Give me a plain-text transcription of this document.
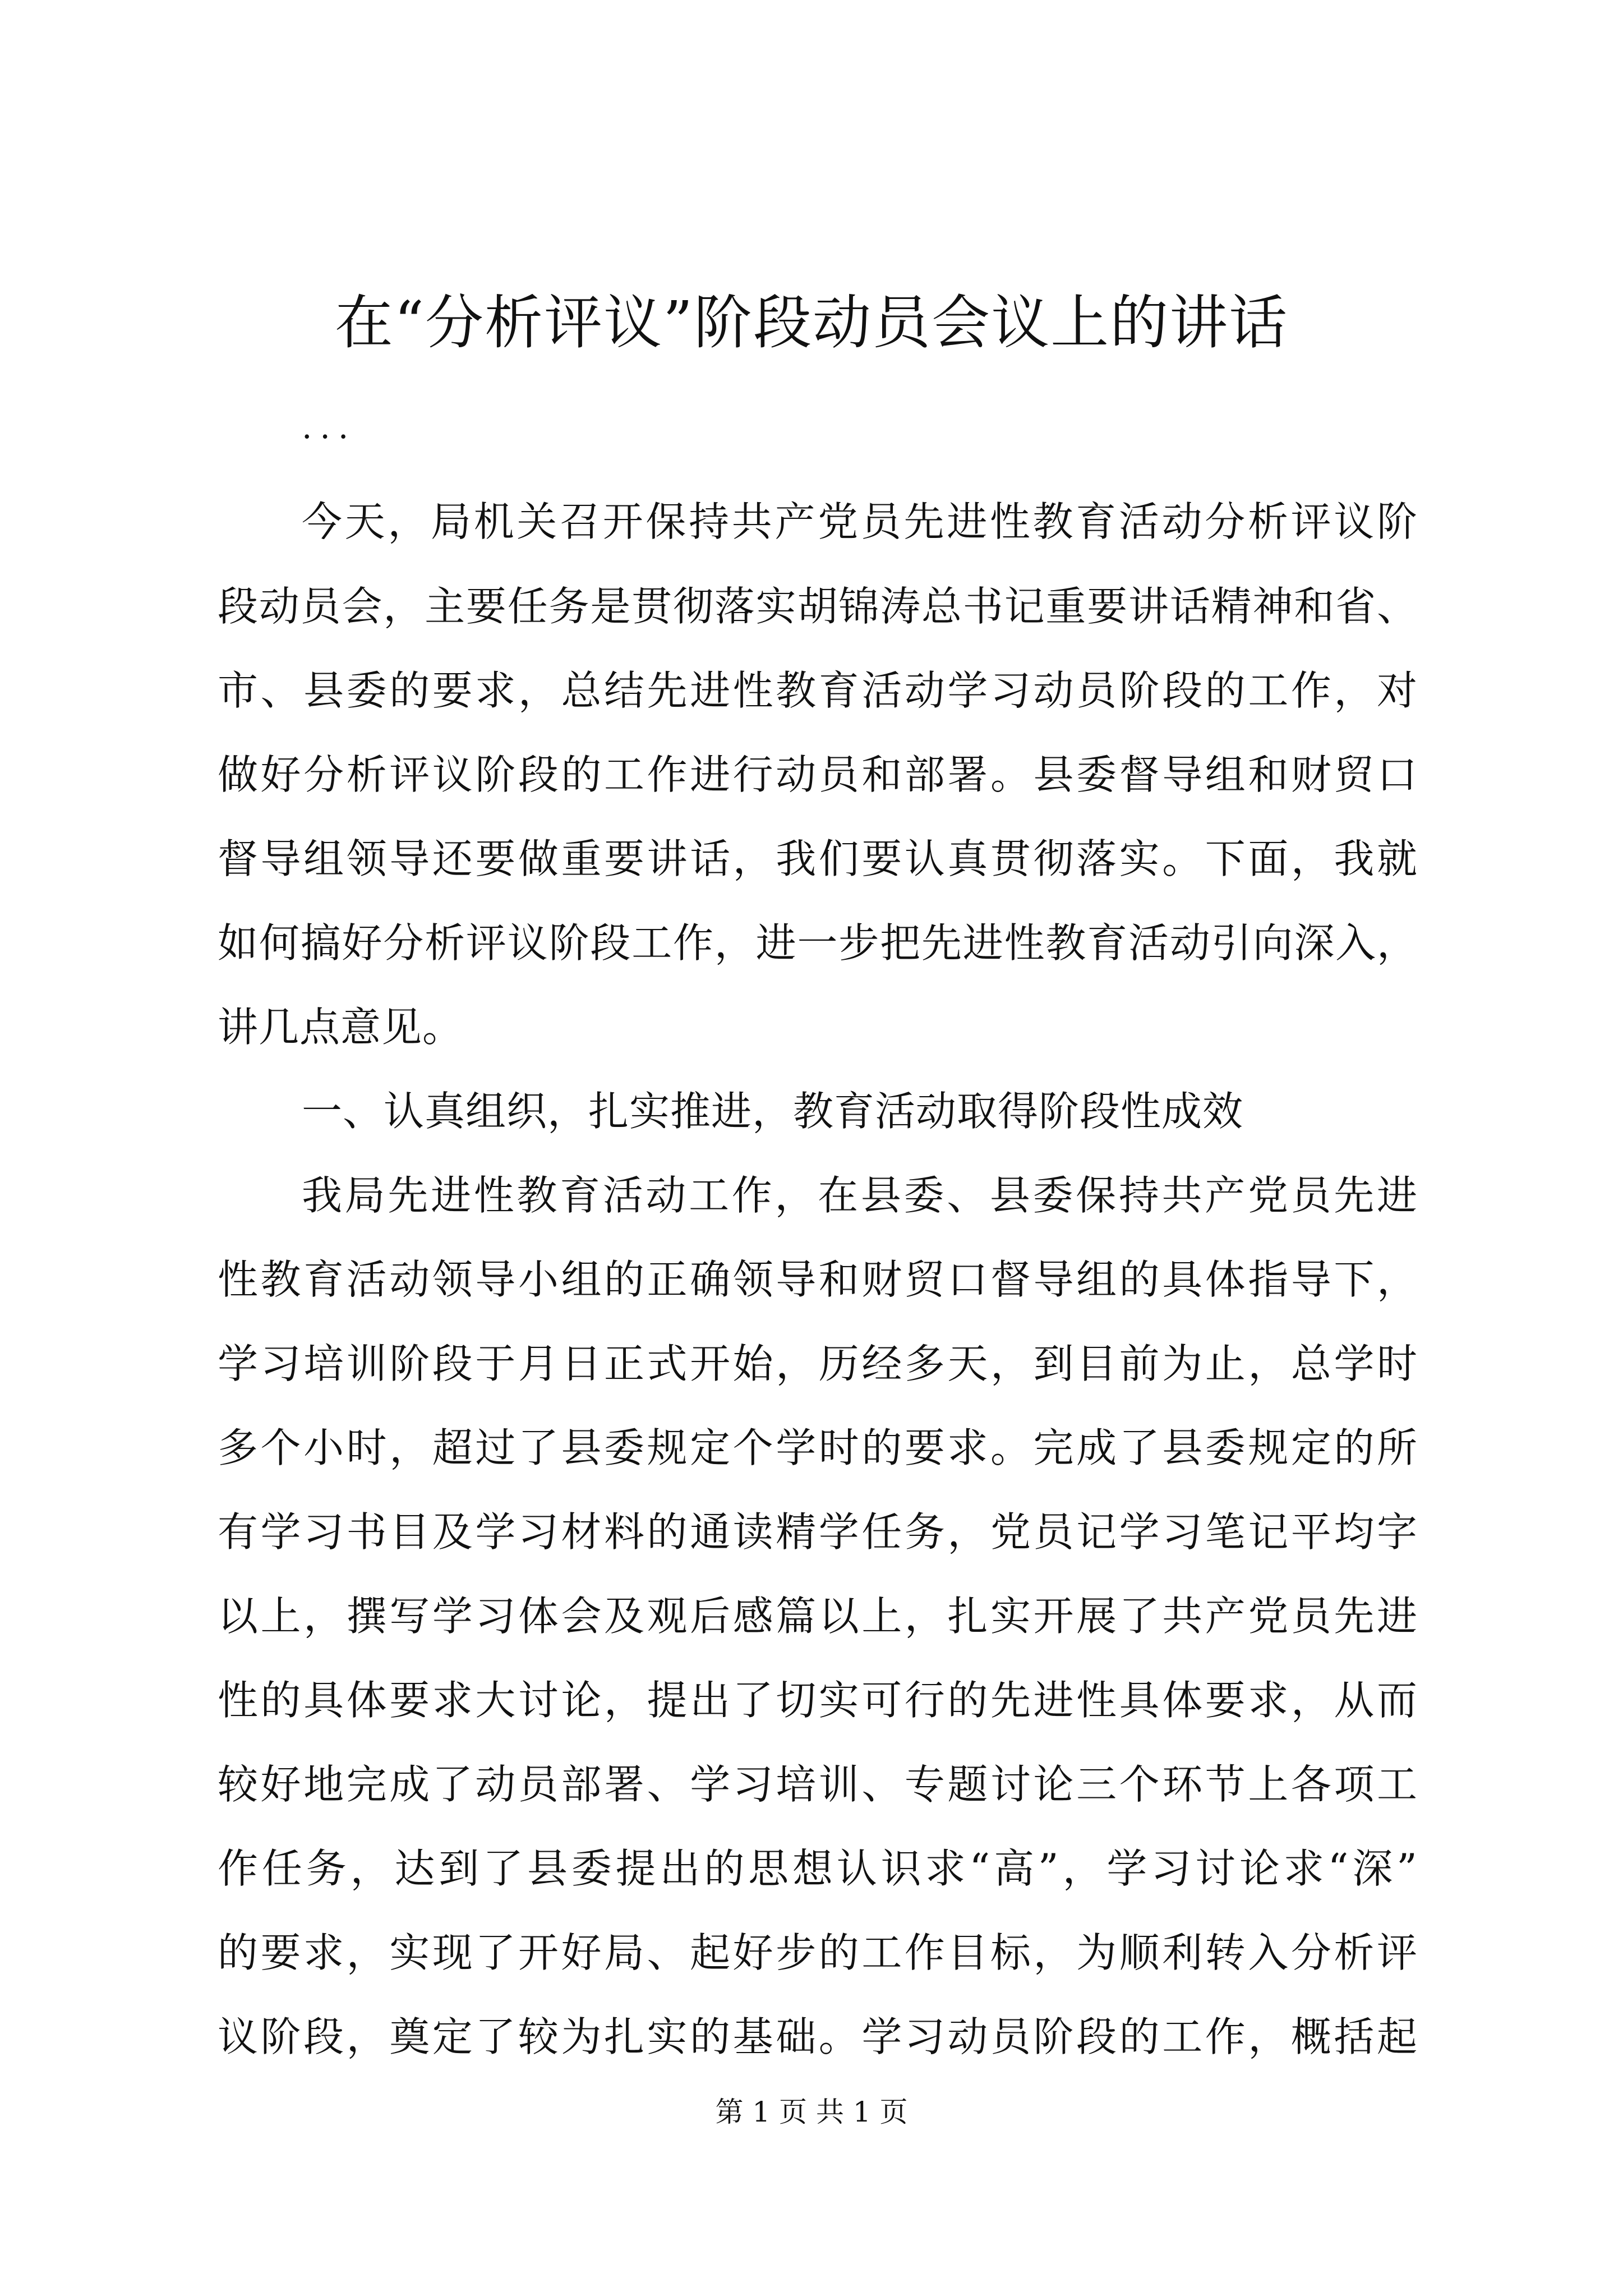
在“分析评议”阶段动员会议上的讲话
...
今天，局机关召开保持共产党员先进性教育活动分析评议阶
段动员会，主要任务是贯彻落实胡锦涛总书记重要讲话精神和省、
市、县委的要求，总结先进性教育活动学习动员阶段的工作，对
做好分析评议阶段的工作进行动员和部署。县委督导组和财贸口
督导组领导还要做重要讲话，我们要认真贯彻落实。下面，我就
如何搞好分析评议阶段工作，进一步把先进性教育活动引向深入，
讲几点意见。
一、认真组织，扎实推进，教育活动取得阶段性成效
我局先进性教育活动工作，在县委、县委保持共产党员先进
性教育活动领导小组的正确领导和财贸口督导组的具体指导下，
学习培训阶段于月日正式开始，历经多天，到目前为止，总学时
多个小时，超过了县委规定个学时的要求。完成了县委规定的所
有学习书目及学习材料的通读精学任务，党员记学习笔记平均字
以上，撰写学习体会及观后感篇以上，扎实开展了共产党员先进
性的具体要求大讨论，提出了切实可行的先进性具体要求，从而
较好地完成了动员部署、学习培训、专题讨论三个环节上各项工
作任务，达到了县委提出的思想认识求“高”，学习讨论求“深”
的要求，实现了开好局、起好步的工作目标，为顺利转入分析评
议阶段，奠定了较为扎实的基础。学习动员阶段的工作，概括起
第 1 页 共 1 页
